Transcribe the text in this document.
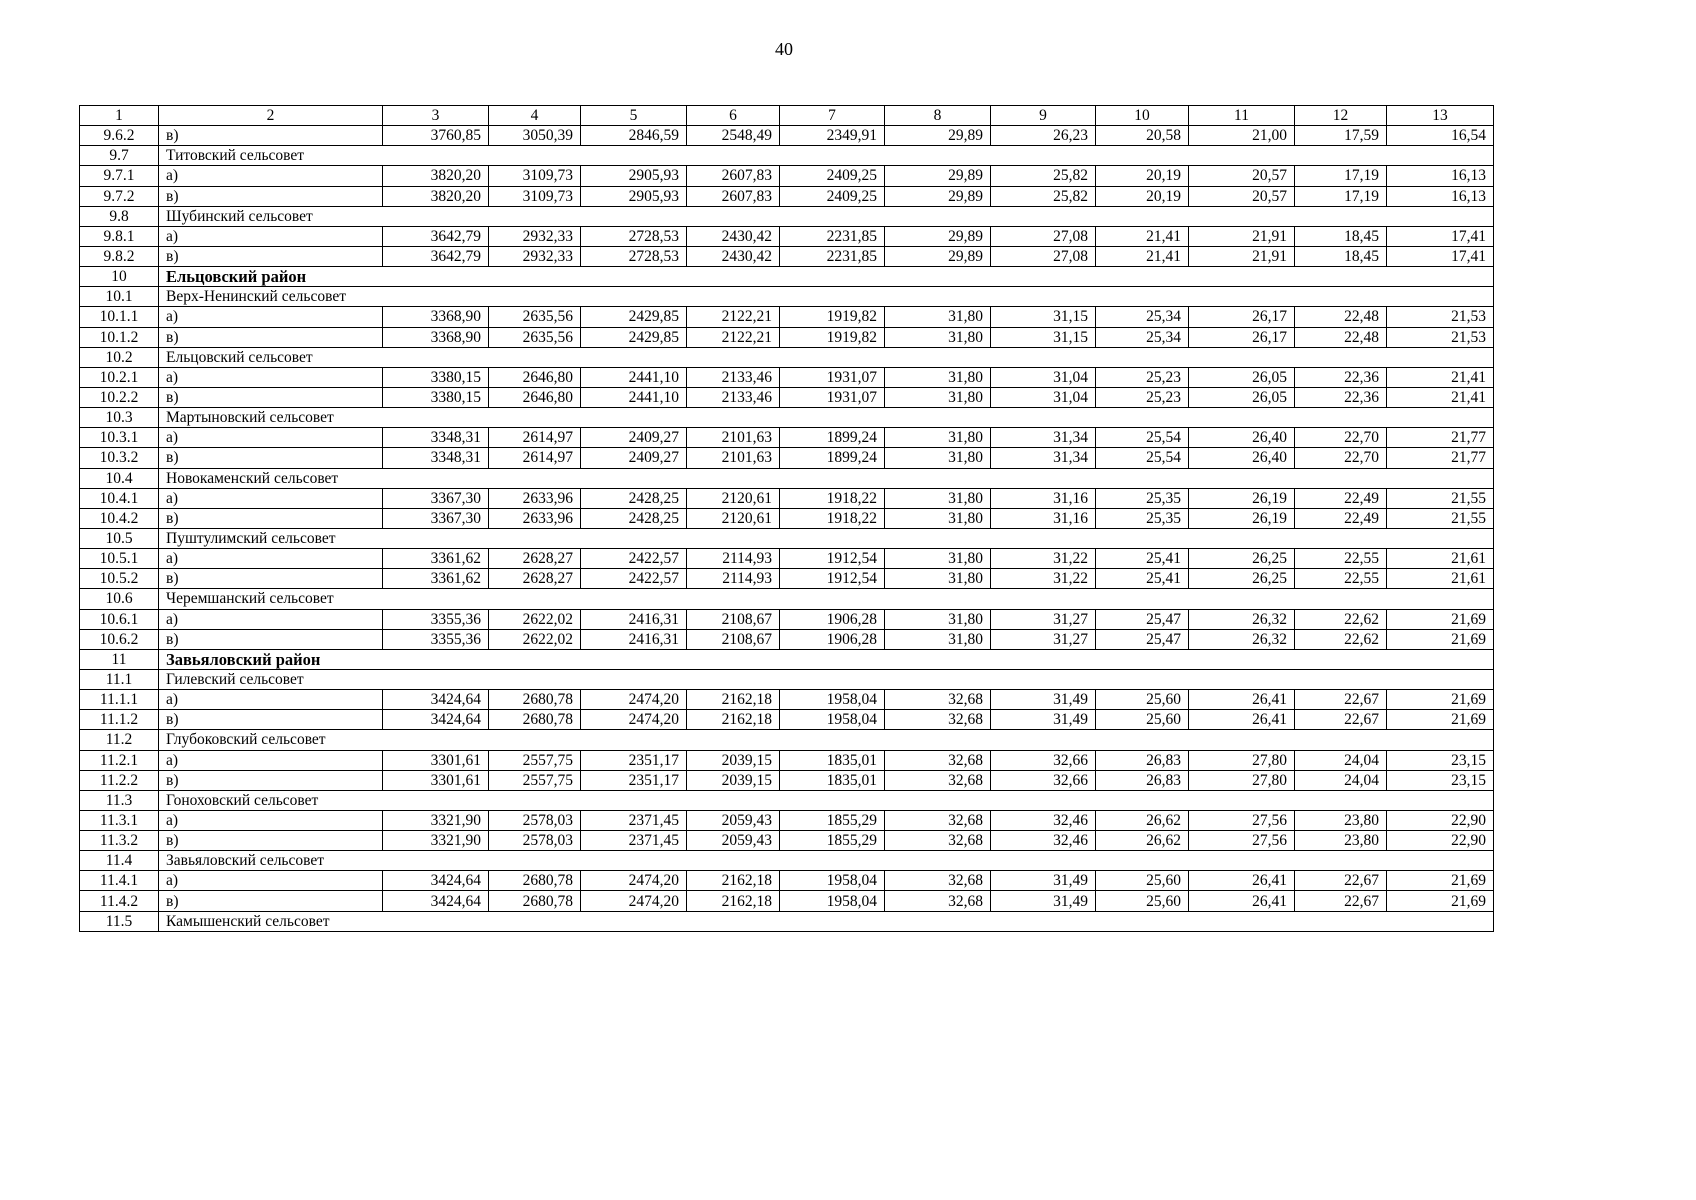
40
1	2	3	4	5	6	7	8	9	10	11	12	13
9.6.2	в)	3760,85	3050,39	2846,59	2548,49	2349,91	29,89	26,23	20,58	21,00	17,59	16,54
9.7	Титовский сельсовет											
9.7.1	а)	3820,20	3109,73	2905,93	2607,83	2409,25	29,89	25,82	20,19	20,57	17,19	16,13
9.7.2	в)	3820,20	3109,73	2905,93	2607,83	2409,25	29,89	25,82	20,19	20,57	17,19	16,13
9.8	Шубинский сельсовет											
9.8.1	а)	3642,79	2932,33	2728,53	2430,42	2231,85	29,89	27,08	21,41	21,91	18,45	17,41
9.8.2	в)	3642,79	2932,33	2728,53	2430,42	2231,85	29,89	27,08	21,41	21,91	18,45	17,41
10	Ельцовский район											
10.1	Верх-Ненинский сельсовет											
10.1.1	а)	3368,90	2635,56	2429,85	2122,21	1919,82	31,80	31,15	25,34	26,17	22,48	21,53
10.1.2	в)	3368,90	2635,56	2429,85	2122,21	1919,82	31,80	31,15	25,34	26,17	22,48	21,53
10.2	Ельцовский сельсовет											
10.2.1	а)	3380,15	2646,80	2441,10	2133,46	1931,07	31,80	31,04	25,23	26,05	22,36	21,41
10.2.2	в)	3380,15	2646,80	2441,10	2133,46	1931,07	31,80	31,04	25,23	26,05	22,36	21,41
10.3	Мартыновский сельсовет											
10.3.1	а)	3348,31	2614,97	2409,27	2101,63	1899,24	31,80	31,34	25,54	26,40	22,70	21,77
10.3.2	в)	3348,31	2614,97	2409,27	2101,63	1899,24	31,80	31,34	25,54	26,40	22,70	21,77
10.4	Новокаменский сельсовет											
10.4.1	а)	3367,30	2633,96	2428,25	2120,61	1918,22	31,80	31,16	25,35	26,19	22,49	21,55
10.4.2	в)	3367,30	2633,96	2428,25	2120,61	1918,22	31,80	31,16	25,35	26,19	22,49	21,55
10.5	Пуштулимский сельсовет											
10.5.1	а)	3361,62	2628,27	2422,57	2114,93	1912,54	31,80	31,22	25,41	26,25	22,55	21,61
10.5.2	в)	3361,62	2628,27	2422,57	2114,93	1912,54	31,80	31,22	25,41	26,25	22,55	21,61
10.6	Черемшанский сельсовет											
10.6.1	а)	3355,36	2622,02	2416,31	2108,67	1906,28	31,80	31,27	25,47	26,32	22,62	21,69
10.6.2	в)	3355,36	2622,02	2416,31	2108,67	1906,28	31,80	31,27	25,47	26,32	22,62	21,69
11	Завьяловский район											
11.1	Гилевский сельсовет											
11.1.1	а)	3424,64	2680,78	2474,20	2162,18	1958,04	32,68	31,49	25,60	26,41	22,67	21,69
11.1.2	в)	3424,64	2680,78	2474,20	2162,18	1958,04	32,68	31,49	25,60	26,41	22,67	21,69
11.2	Глубоковский сельсовет											
11.2.1	а)	3301,61	2557,75	2351,17	2039,15	1835,01	32,68	32,66	26,83	27,80	24,04	23,15
11.2.2	в)	3301,61	2557,75	2351,17	2039,15	1835,01	32,68	32,66	26,83	27,80	24,04	23,15
11.3	Гоноховский сельсовет											
11.3.1	а)	3321,90	2578,03	2371,45	2059,43	1855,29	32,68	32,46	26,62	27,56	23,80	22,90
11.3.2	в)	3321,90	2578,03	2371,45	2059,43	1855,29	32,68	32,46	26,62	27,56	23,80	22,90
11.4	Завьяловский сельсовет											
11.4.1	а)	3424,64	2680,78	2474,20	2162,18	1958,04	32,68	31,49	25,60	26,41	22,67	21,69
11.4.2	в)	3424,64	2680,78	2474,20	2162,18	1958,04	32,68	31,49	25,60	26,41	22,67	21,69
11.5	Камышенский сельсовет											
